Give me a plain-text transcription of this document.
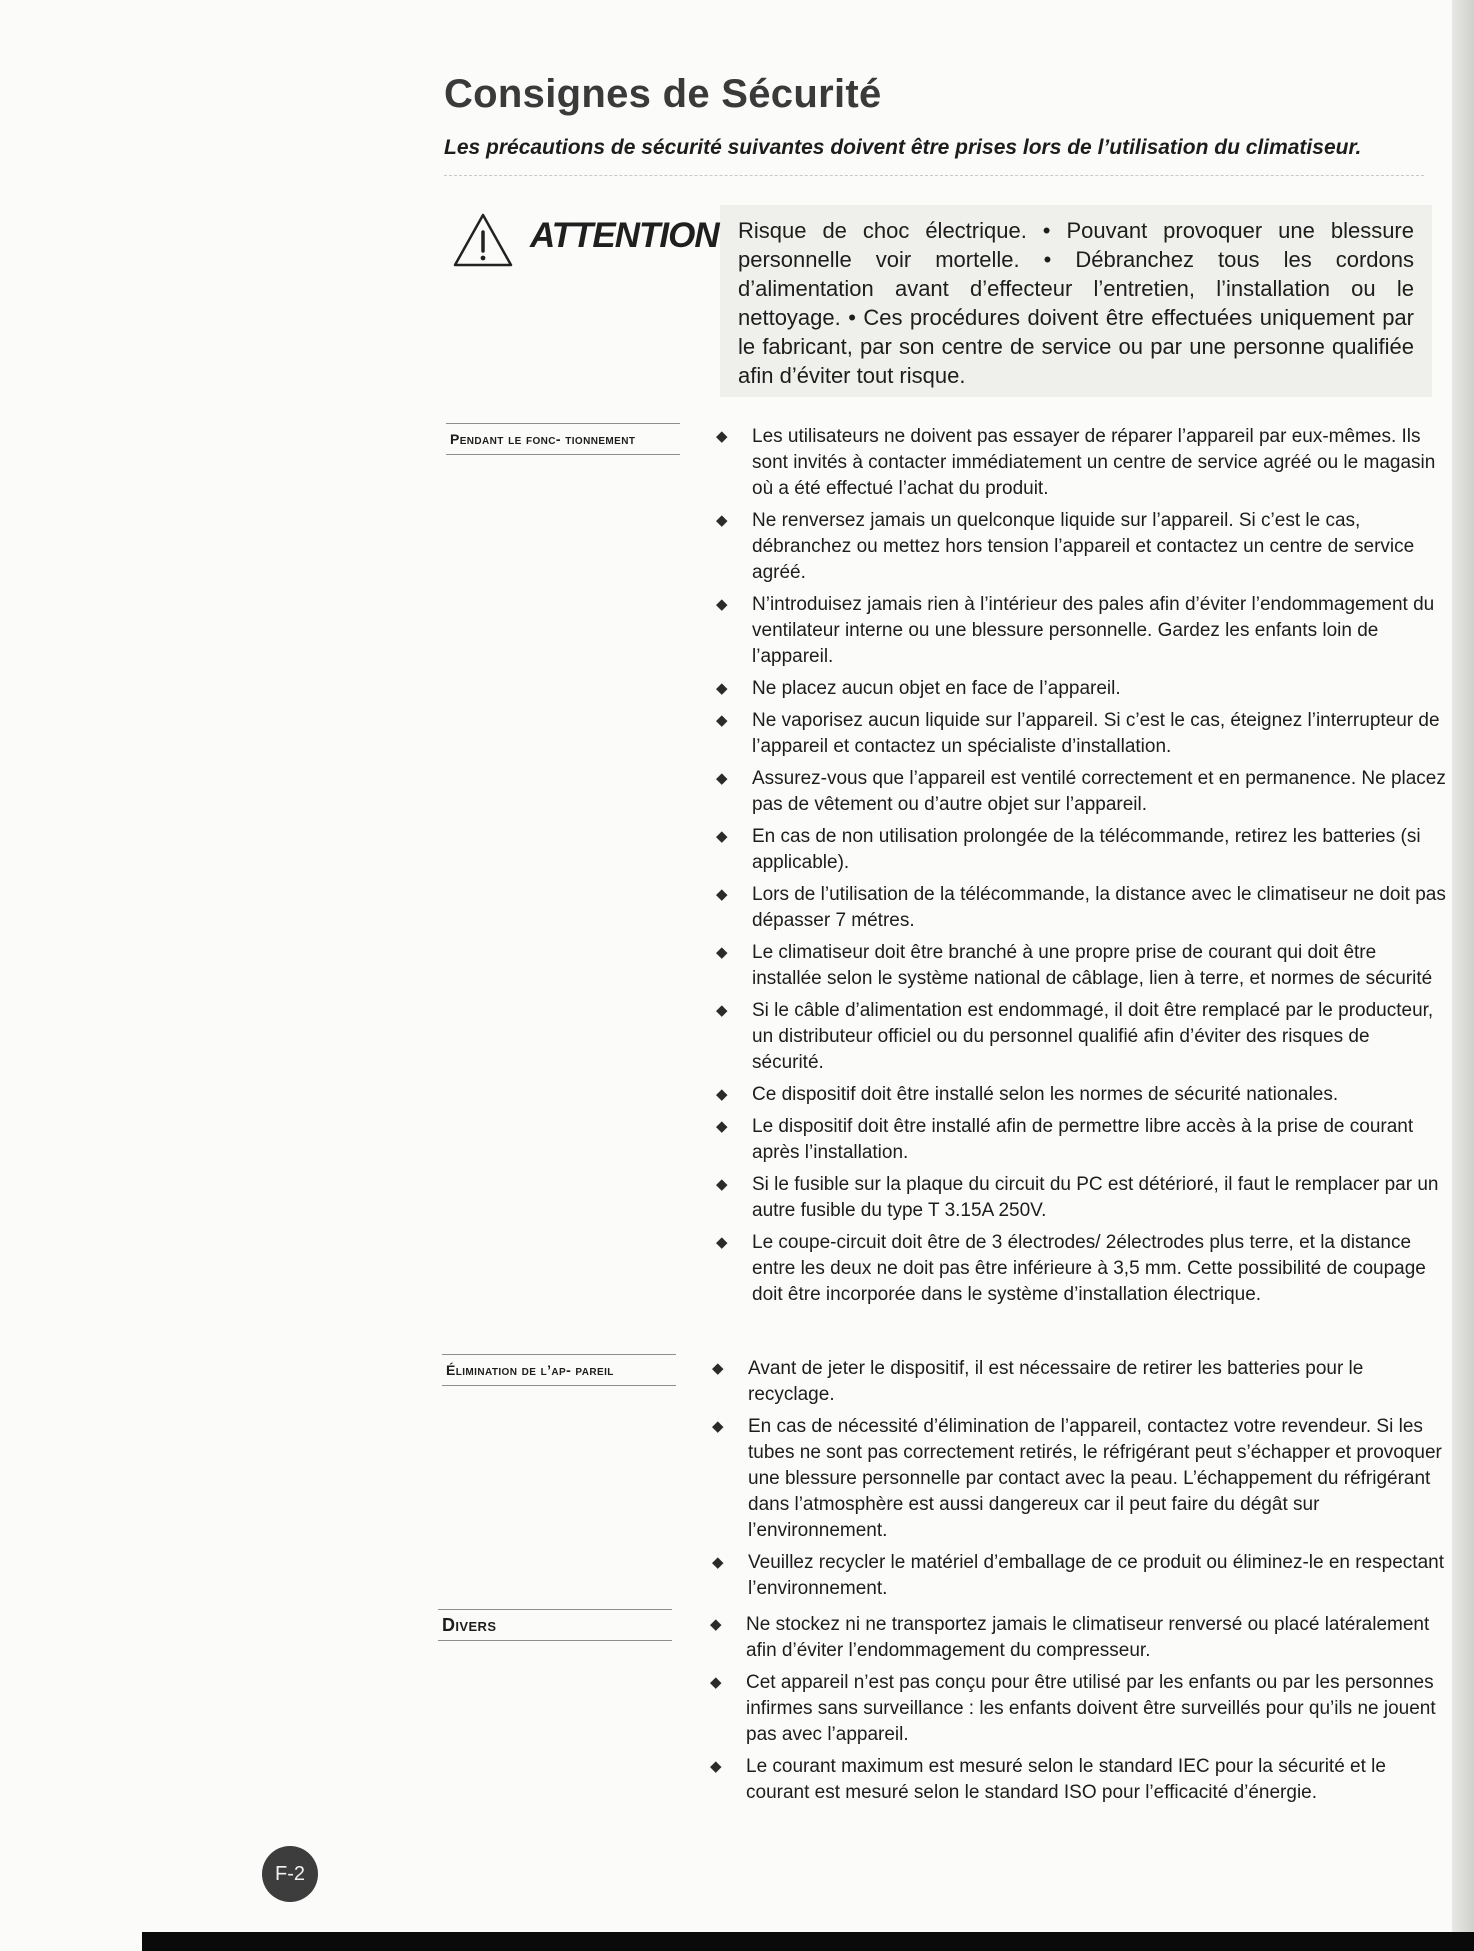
Consignes de Sécurité

Les précautions de sécurité suivantes doivent être prises lors de l’utilisation du climatiseur.

ATTENTION Risque de choc électrique. • Pouvant provoquer une blessure personnelle voir mortelle. • Débranchez tous les cordons d’alimentation avant d’effecteur l’entretien, l’installation ou le nettoyage. • Ces procédures doivent être effectuées uniquement par le fabricant, par son centre de service ou par une personne qualifiée afin d’éviter tout risque.

Pendant le fonc- tionnement	◆ Les utilisateurs ne doivent pas essayer de réparer l’appareil par eux-mêmes. Ils sont invités à contacter immédiatement un centre de service agréé ou le magasin où a été effectué l’achat du produit.
◆ Ne renversez jamais un quelconque liquide sur l’appareil. Si c’est le cas, débranchez ou mettez hors tension l’appareil et contactez un centre de service agréé.
◆ N’introduisez jamais rien à l’intérieur des pales afin d’éviter l’endommagement du ventilateur interne ou une blessure personnelle. Gardez les enfants loin de l’appareil.
◆ Ne placez aucun objet en face de l’appareil.
◆ Ne vaporisez aucun liquide sur l’appareil. Si c’est le cas, éteignez l’interrupteur de l’appareil et contactez un spécialiste d’installation.
◆ Assurez-vous que l’appareil est ventilé correctement et en permanence. Ne placez pas de vêtement ou d’autre objet sur l’appareil.
◆ En cas de non utilisation prolongée de la télécommande, retirez les batteries (si applicable).
◆ Lors de l’utilisation de la télécommande, la distance avec le climatiseur ne doit pas dépasser 7 métres.
◆ Le climatiseur doit être branché à une propre prise de courant qui doit être installée selon le système national de câblage, lien à terre, et normes de sécurité
◆ Si le câble d’alimentation est endommagé, il doit être remplacé par le producteur, un distributeur officiel ou du personnel qualifié afin d’éviter des risques de sécurité.
◆ Ce dispositif doit être installé selon les normes de sécurité nationales.
◆ Le dispositif doit être installé afin de permettre libre accès à la prise de courant après l’installation.
◆ Si le fusible sur la plaque du circuit du PC est détérioré, il faut le remplacer par un autre fusible du type T 3.15A 250V.
◆ Le coupe-circuit doit être de 3 électrodes/ 2électrodes plus terre, et la distance entre les deux ne doit pas être inférieure à 3,5 mm. Cette possibilité de coupage doit être incorporée dans le système d’installation électrique.
Élimination de l’ap- pareil	◆ Avant de jeter le dispositif, il est nécessaire de retirer les batteries pour le recyclage.
◆ En cas de nécessité d’élimination de l’appareil, contactez votre revendeur. Si les tubes ne sont pas correctement retirés, le réfrigérant peut s’échapper et provoquer une blessure personnelle par contact avec la peau. L’échappement du réfrigérant dans l’atmosphère est aussi dangereux car il peut faire du dégât sur l’environnement.
◆ Veuillez recycler le matériel d’emballage de ce produit ou éliminez-le en respectant l’environnement.
Divers	◆ Ne stockez ni ne transportez jamais le climatiseur renversé ou placé latéralement afin d’éviter l’endommagement du compresseur.
◆ Cet appareil n’est pas conçu pour être utilisé par les enfants ou par les personnes infirmes sans surveillance : les enfants doivent être surveillés pour qu’ils ne jouent pas avec l’appareil.
◆ Le courant maximum est mesuré selon le standard IEC pour la sécurité et le courant est mesuré selon le standard ISO pour l’efficacité d’énergie.
F-2
